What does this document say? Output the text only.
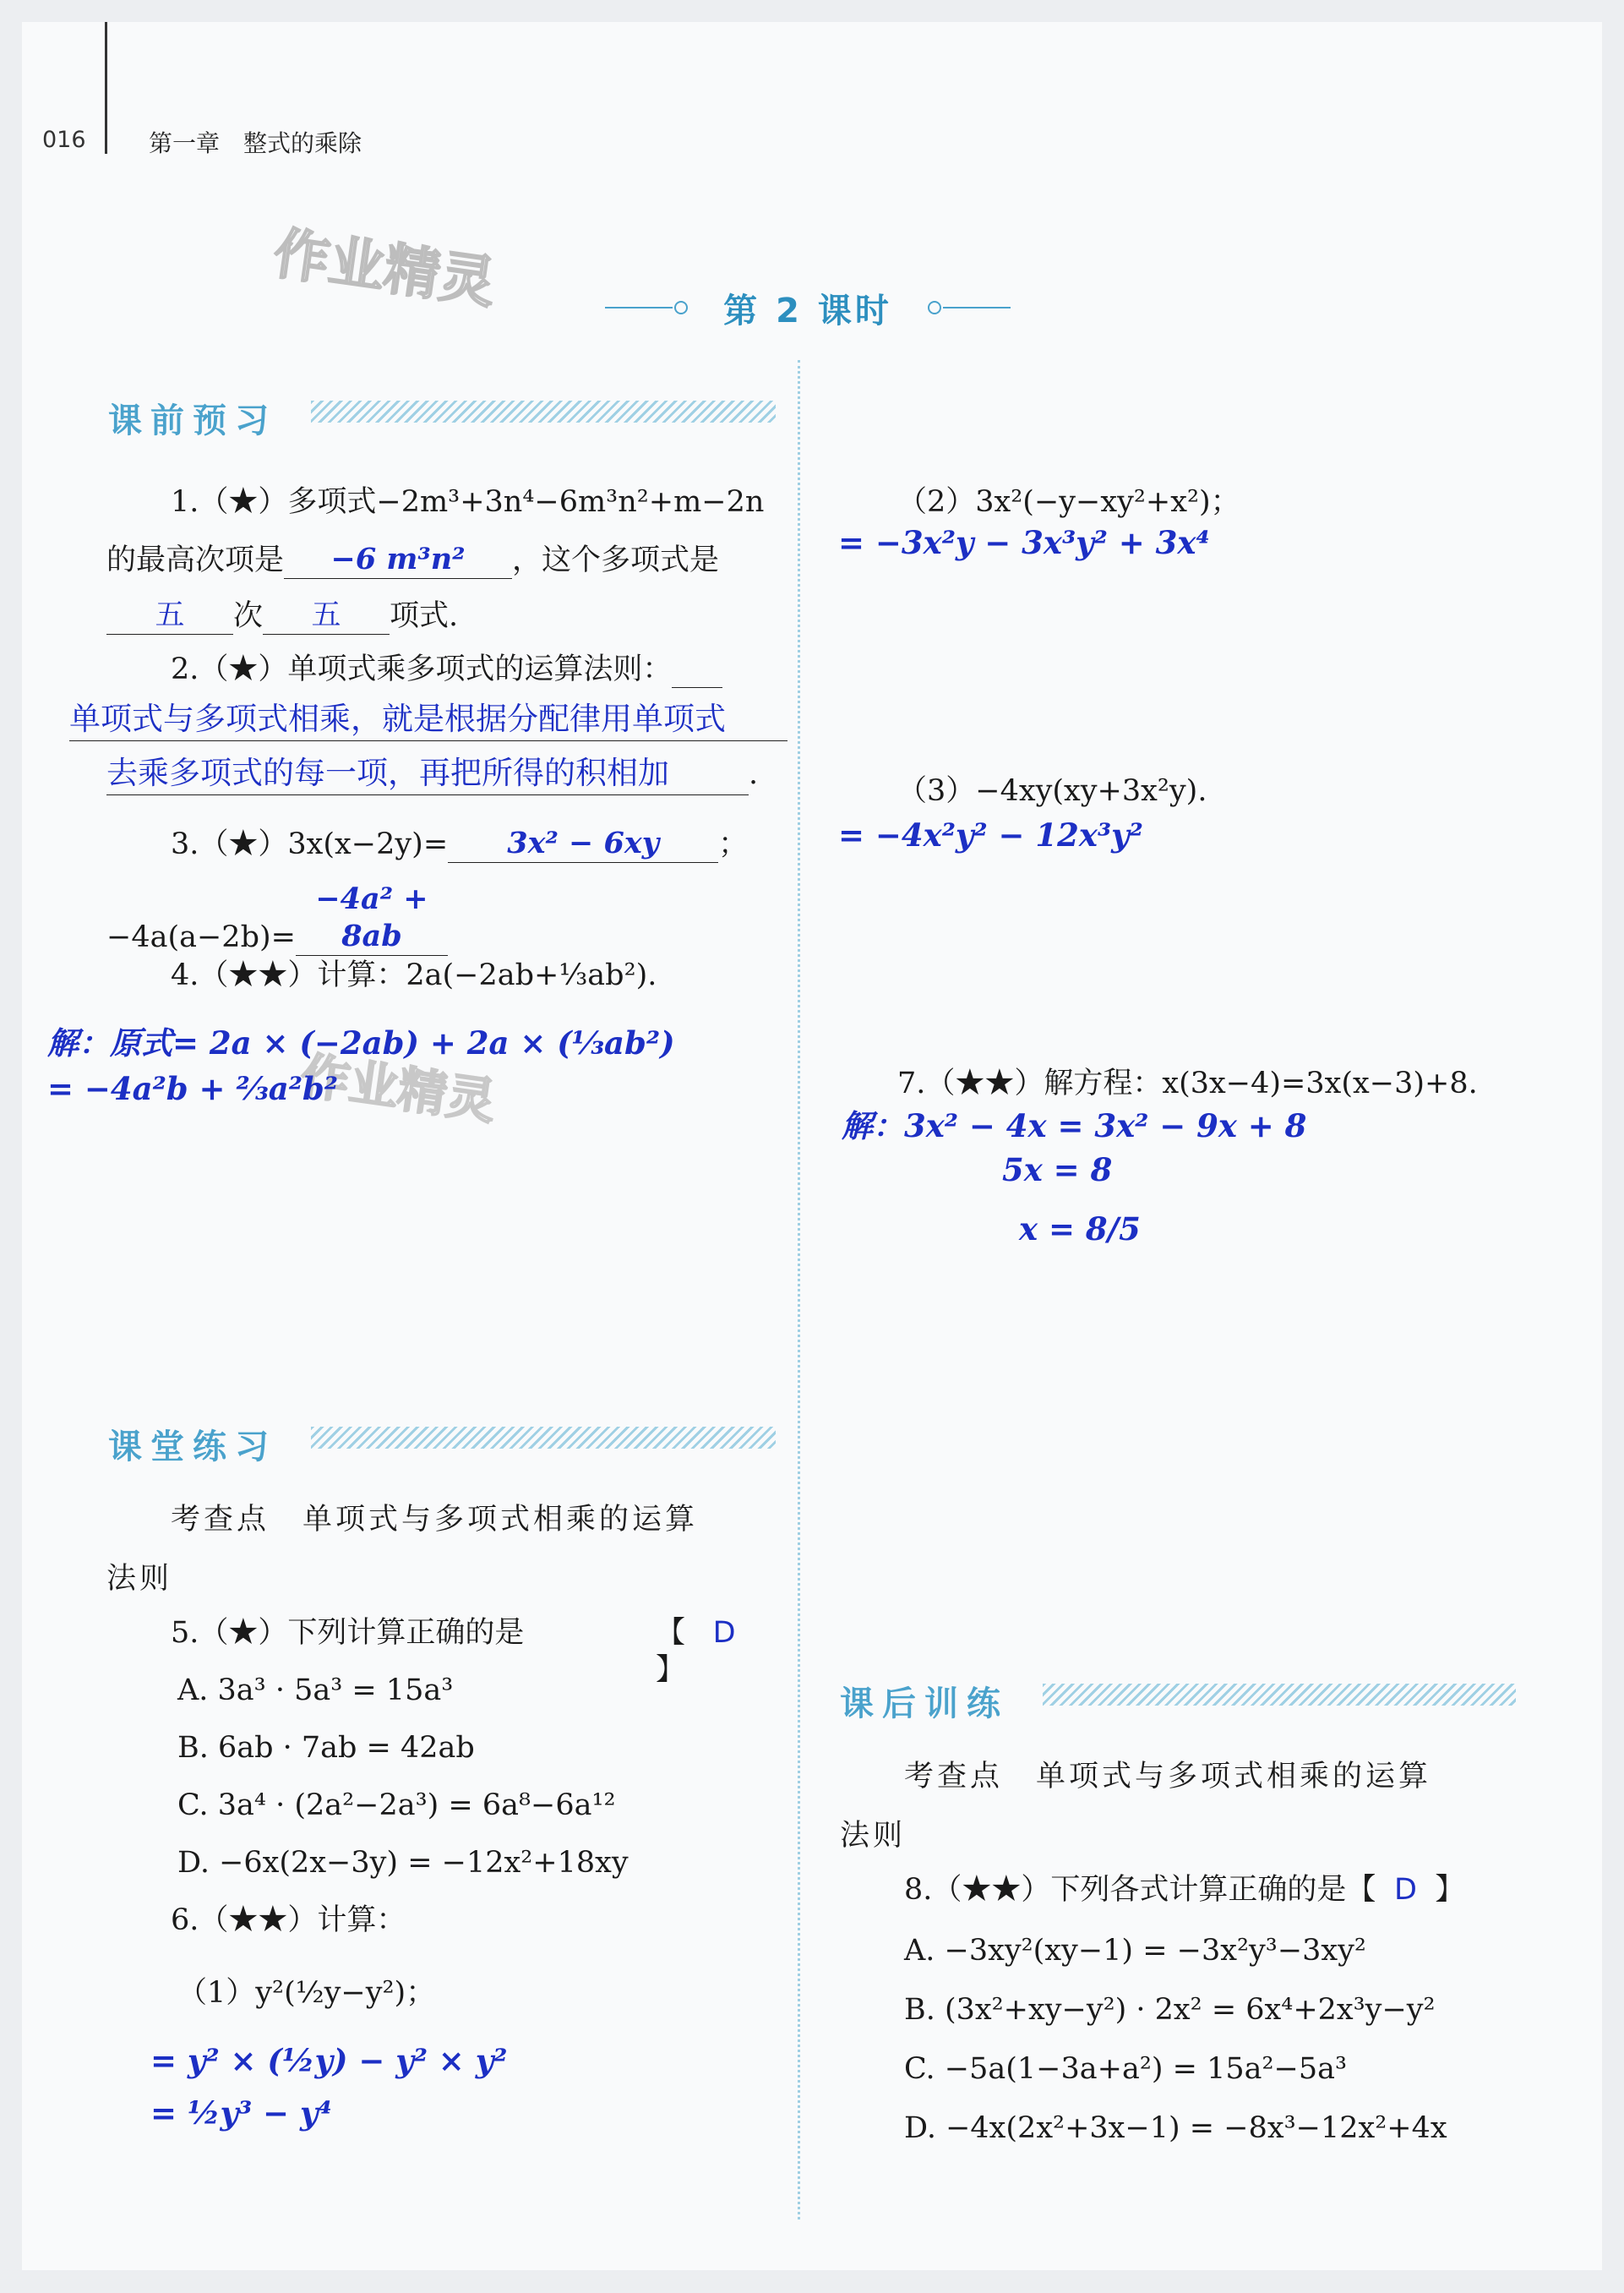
016	第一章　整式的乘除
作业精灵
作业精灵
第 2 课时
课前预习
1.（★）多项式−2m³+3n⁴−6m³n²+m−2n
的最高次项是 −6 m³n² ，这个多项式是
五 次 五 项式.
2.（★）单项式乘多项式的运算法则：
单项式与多项式相乘，就是根据分配律用单项式
去乘多项式的每一项，再把所得的积相加	.
3.（★）3x(x−2y)= 3x² − 6xy ；
−4a(a−2b)=−4a² + 8ab
4.（★★）计算：2a(−2ab+⅓ab²).
解：原式= 2a × (−2ab) + 2a × (⅓ab²)
= −4a²b + ⅔a²b²
课堂练习
考查点　单项式与多项式相乘的运算
法则
5.（★）下列计算正确的是	【 D 】
A. 3a³ · 5a³ = 15a³
B. 6ab · 7ab = 42ab
C. 3a⁴ · (2a²−2a³) = 6a⁸−6a¹²
D. −6x(2x−3y) = −12x²+18xy
6.（★★）计算：
（1）y²(½y−y²)；
= y² × (½y) − y² × y²
= ½y³ − y⁴
（2）3x²(−y−xy²+x²)；
= −3x²y − 3x³y² + 3x⁴
（3）−4xy(xy+3x²y).
= −4x²y² − 12x³y²
7.（★★）解方程：x(3x−4)=3x(x−3)+8.
解：3x² − 4x = 3x² − 9x + 8
5x = 8
x = 8/5
课后训练
考查点　单项式与多项式相乘的运算
法则
8.（★★）下列各式计算正确的是【 D 】
A. −3xy²(xy−1) = −3x²y³−3xy²
B. (3x²+xy−y²) · 2x² = 6x⁴+2x³y−y²
C. −5a(1−3a+a²) = 15a²−5a³
D. −4x(2x²+3x−1) = −8x³−12x²+4x
